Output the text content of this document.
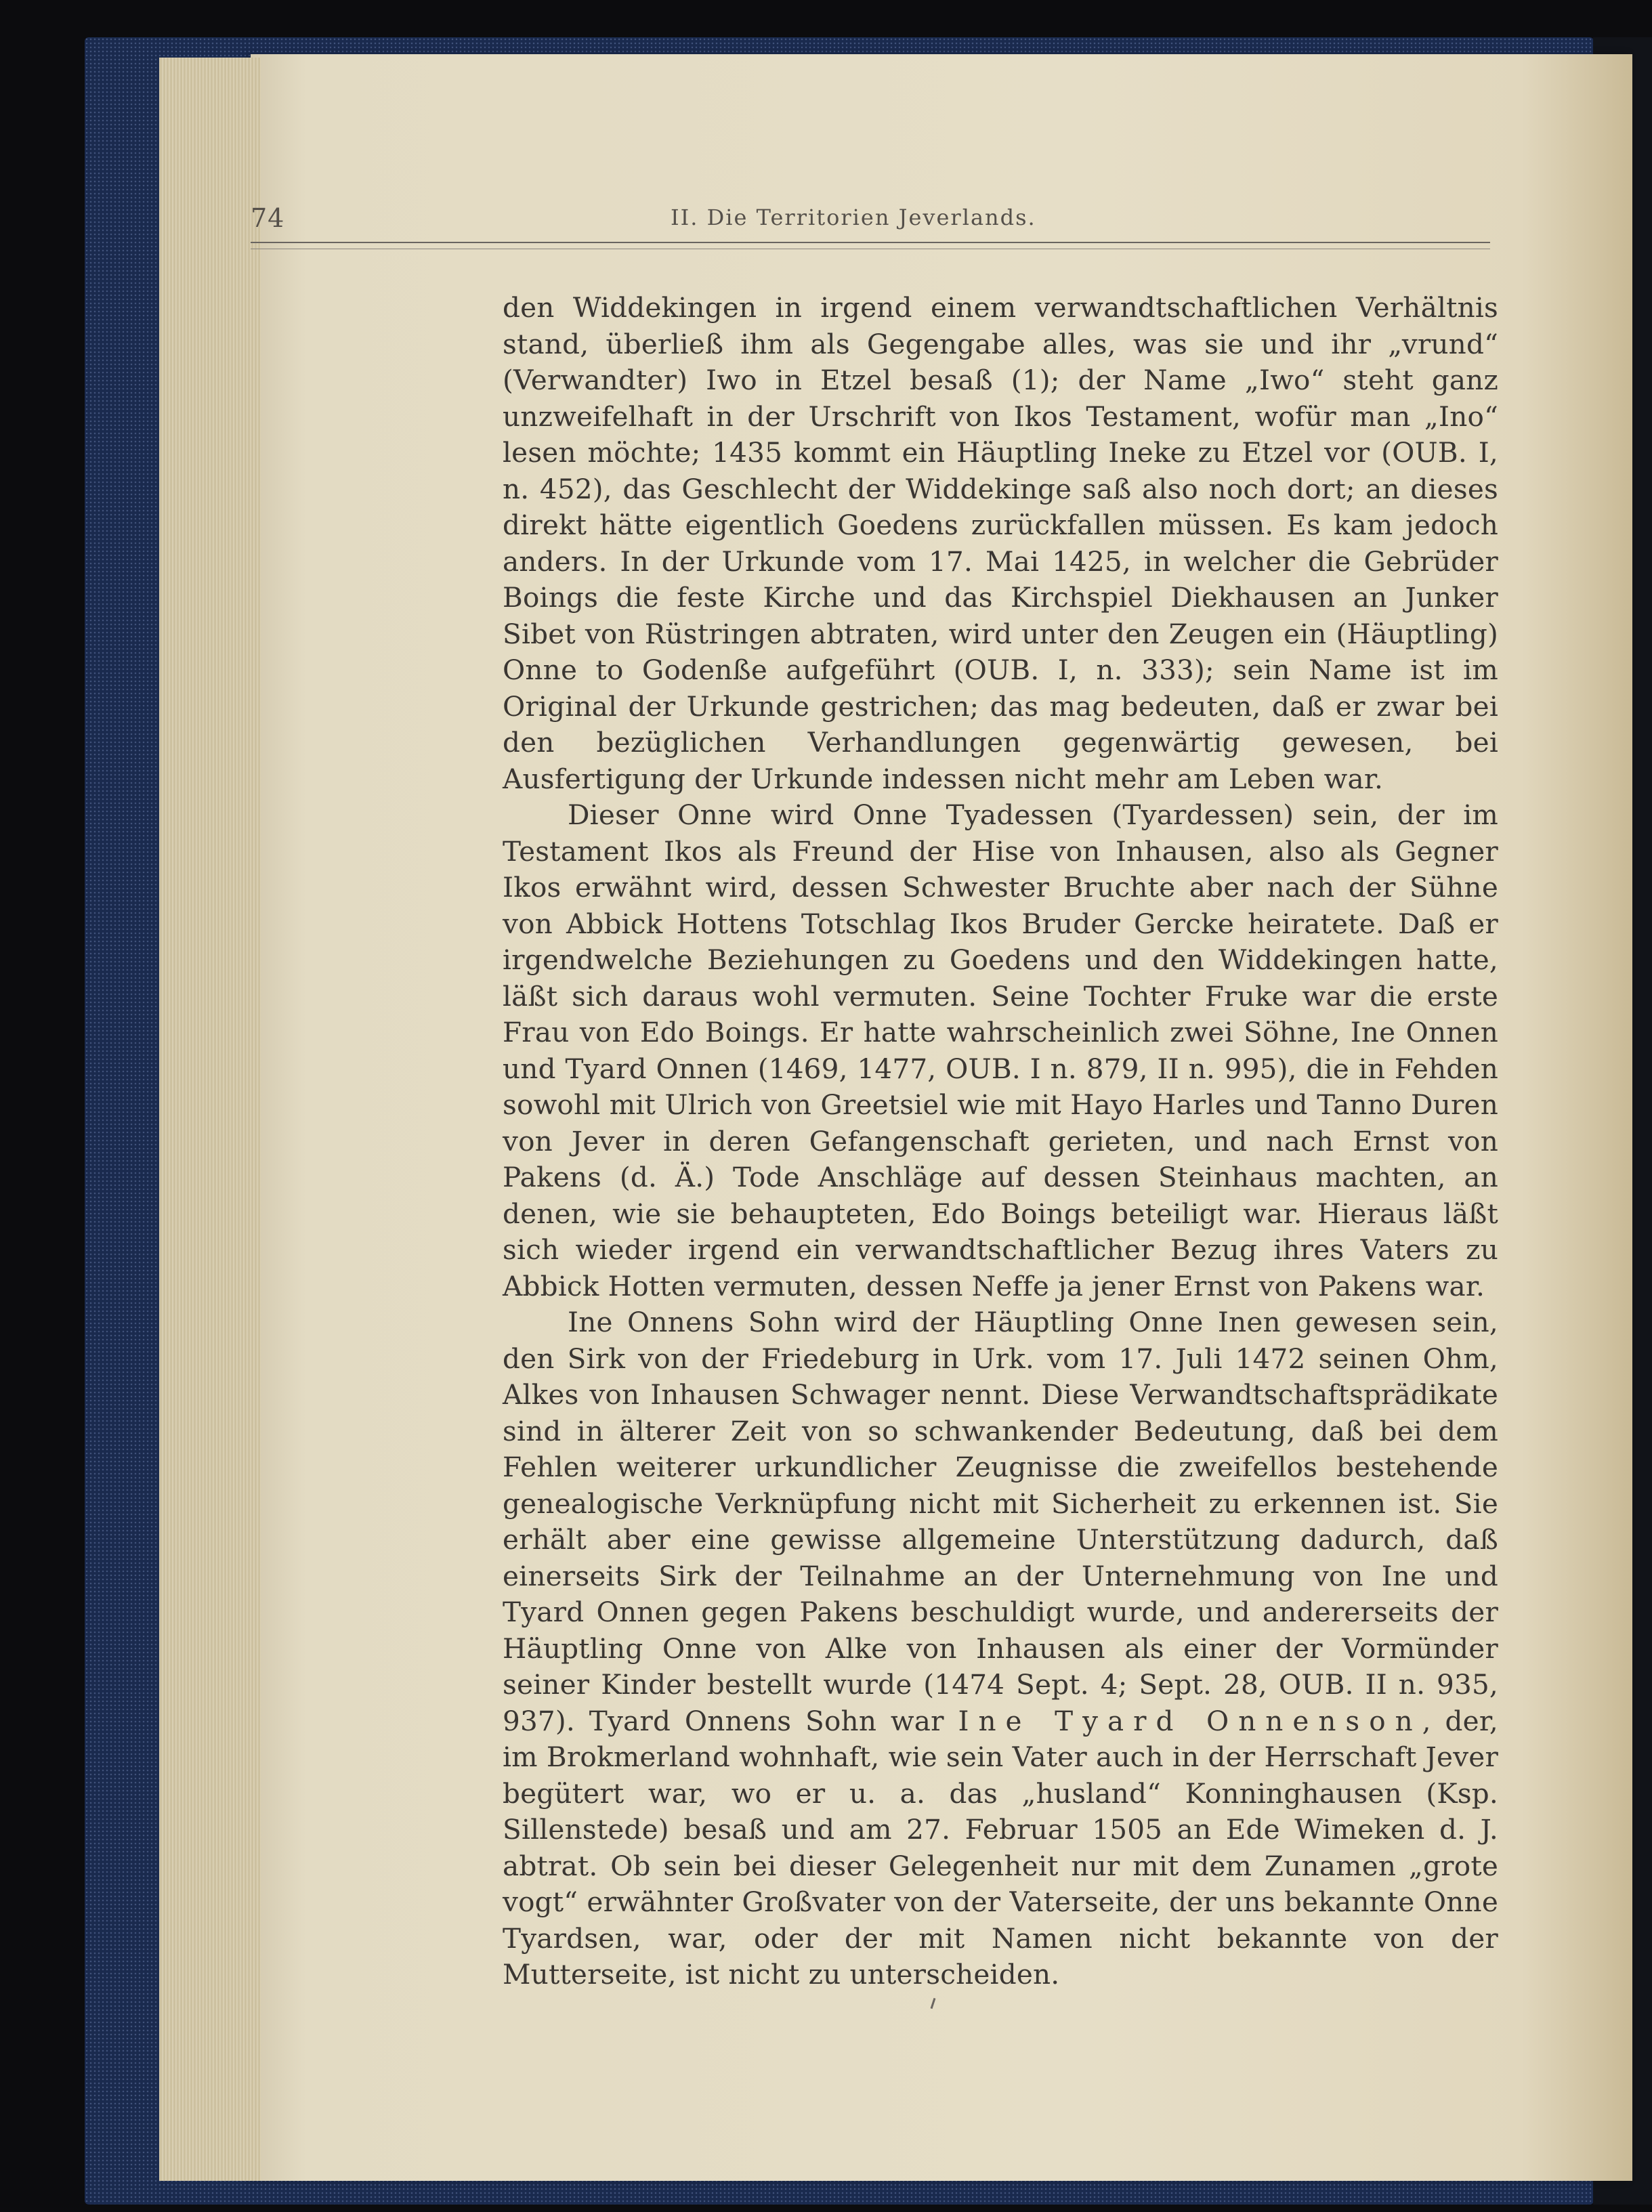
74	II. Die Territorien Jeverlands.

den Widdekingen in irgend einem verwandtschaftlichen Verhältnis stand, überließ ihm als Gegengabe alles, was sie und ihr „vrund“ (Verwandter) Iwo in Etzel besaß (1); der Name „Iwo“ steht ganz unzweifelhaft in der Urschrift von Ikos Testament, wofür man „Ino“ lesen möchte; 1435 kommt ein Häuptling Ineke zu Etzel vor (OUB. I, n. 452), das Geschlecht der Widdekinge saß also noch dort; an dieses direkt hätte eigentlich Goedens zurückfallen müssen. Es kam jedoch anders. In der Urkunde vom 17. Mai 1425, in welcher die Gebrüder Boings die feste Kirche und das Kirchspiel Diekhausen an Junker Sibet von Rüstringen abtraten, wird unter den Zeugen ein (Häuptling) Onne to Godenße aufgeführt (OUB. I, n. 333); sein Name ist im Original der Urkunde gestrichen; das mag bedeuten, daß er zwar bei den bezüglichen Verhandlungen gegenwärtig gewesen, bei Ausfertigung der Urkunde indessen nicht mehr am Leben war.

Dieser Onne wird Onne Tyadessen (Tyardessen) sein, der im Testament Ikos als Freund der Hise von Inhausen, also als Gegner Ikos erwähnt wird, dessen Schwester Bruchte aber nach der Sühne von Abbick Hottens Totschlag Ikos Bruder Gercke heiratete. Daß er irgendwelche Beziehungen zu Goedens und den Widdekingen hatte, läßt sich daraus wohl vermuten. Seine Tochter Fruke war die erste Frau von Edo Boings. Er hatte wahrscheinlich zwei Söhne, Ine Onnen und Tyard Onnen (1469, 1477, OUB. I n. 879, II n. 995), die in Fehden sowohl mit Ulrich von Greetsiel wie mit Hayo Harles und Tanno Duren von Jever in deren Gefangenschaft gerieten, und nach Ernst von Pakens (d. Ä.) Tode Anschläge auf dessen Steinhaus machten, an denen, wie sie behaupteten, Edo Boings beteiligt war. Hieraus läßt sich wieder irgend ein verwandtschaftlicher Bezug ihres Vaters zu Abbick Hotten vermuten, dessen Neffe ja jener Ernst von Pakens war.

Ine Onnens Sohn wird der Häuptling Onne Inen gewesen sein, den Sirk von der Friedeburg in Urk. vom 17. Juli 1472 seinen Ohm, Alkes von Inhausen Schwager nennt. Diese Verwandtschaftsprädikate sind in älterer Zeit von so schwankender Bedeutung, daß bei dem Fehlen weiterer urkundlicher Zeugnisse die zweifellos bestehende genealogische Verknüpfung nicht mit Sicherheit zu erkennen ist. Sie erhält aber eine gewisse allgemeine Unterstützung dadurch, daß einerseits Sirk der Teilnahme an der Unternehmung von Ine und Tyard Onnen gegen Pakens beschuldigt wurde, und andererseits der Häuptling Onne von Alke von Inhausen als einer der Vormünder seiner Kinder bestellt wurde (1474 Sept. 4; Sept. 28, OUB. II n. 935, 937). Tyard Onnens Sohn war Ine Tyard Onnenson, der, im Brokmerland wohnhaft, wie sein Vater auch in der Herrschaft Jever begütert war, wo er u. a. das „husland“ Konninghausen (Ksp. Sillenstede) besaß und am 27. Februar 1505 an Ede Wimeken d. J. abtrat. Ob sein bei dieser Gelegenheit nur mit dem Zunamen „grote vogt“ erwähnter Großvater von der Vaterseite, der uns bekannte Onne Tyardsen, war, oder der mit Namen nicht bekannte von der Mutterseite, ist nicht zu unterscheiden.
